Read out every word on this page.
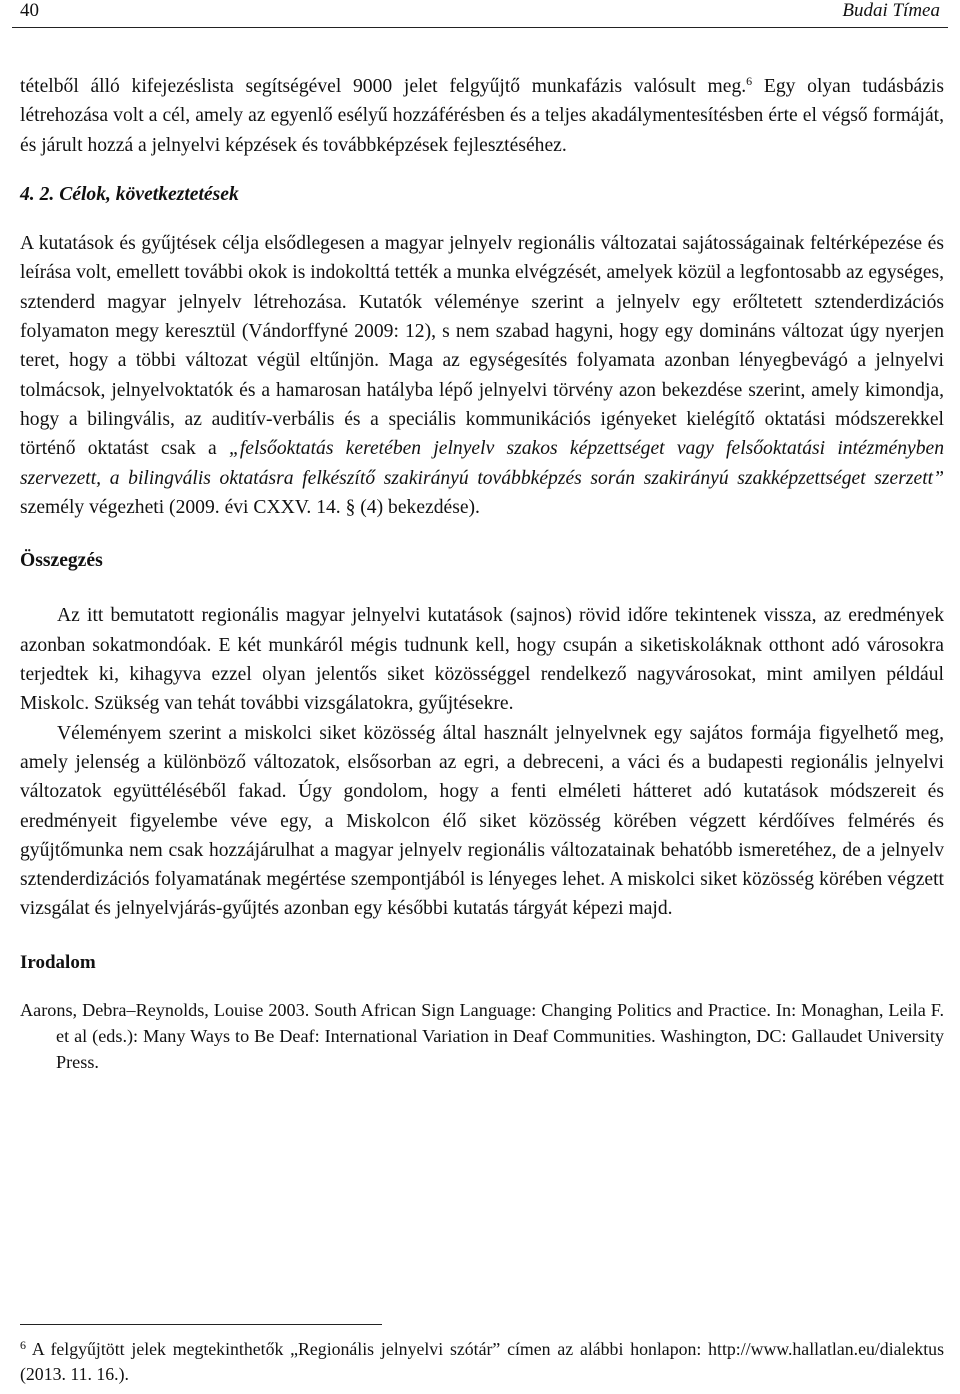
40	Budai Tímea

tételből álló kifejezéslista segítségével 9000 jelet felgyűjtő munkafázis valósult meg.$^6$ Egy olyan tudásbázis létrehozása volt a cél, amely az egyenlő esélyű hozzáférésben és a teljes akadálymentesítésben érte el végső formáját, és járult hozzá a jelnyelvi képzések és továbbképzések fejlesztéséhez.

4. 2. Célok, következtetések

A kutatások és gyűjtések célja elsődlegesen a magyar jelnyelv regionális változatai sajátosságainak feltérképezése és leírása volt, emellett további okok is indokolttá tették a munka elvégzését, amelyek közül a legfontosabb az egységes, sztenderd magyar jelnyelv létrehozása. Kutatók véleménye szerint a jelnyelv egy erőltetett sztenderdizációs folyamaton megy keresztül (Vándorffyné 2009: 12), s nem szabad hagyni, hogy egy domináns változat úgy nyerjen teret, hogy a többi változat végül eltűnjön. Maga az egységesítés folyamata azonban lényegbevágó a jelnyelvi tolmácsok, jelnyelvoktatók és a hamarosan hatályba lépő jelnyelvi törvény azon bekezdése szerint, amely kimondja, hogy a bilingvális, az auditív-verbális és a speciális kommunikációs igényeket kielégítő oktatási módszerekkel történő oktatást csak a „felsőoktatás keretében jelnyelv szakos képzettséget vagy felsőoktatási intézményben szervezett, a bilingvális oktatásra felkészítő szakirányú továbbképzés során szakirányú szakképzettséget szerzett” személy végezheti (2009. évi CXXV. 14. § (4) bekezdése).

Összegzés

Az itt bemutatott regionális magyar jelnyelvi kutatások (sajnos) rövid időre tekintenek vissza, az eredmények azonban sokatmondóak. E két munkáról mégis tudnunk kell, hogy csupán a siketiskoláknak otthont adó városokra terjedtek ki, kihagyva ezzel olyan jelentős siket közösséggel rendelkező nagyvárosokat, mint amilyen például Miskolc. Szükség van tehát további vizsgálatokra, gyűjtésekre.

Véleményem szerint a miskolci siket közösség által használt jelnyelvnek egy sajátos formája figyelhető meg, amely jelenség a különböző változatok, elsősorban az egri, a debreceni, a váci és a budapesti regionális jelnyelvi változatok együttéléséből fakad. Úgy gondolom, hogy a fenti elméleti hátteret adó kutatások módszereit és eredményeit figyelembe véve egy, a Miskolcon élő siket közösség körében végzett kérdőíves felmérés és gyűjtőmunka nem csak hozzájárulhat a magyar jelnyelv regionális változatainak behatóbb ismeretéhez, de a jelnyelv sztenderdizációs folyamatának megértése szempontjából is lényeges lehet. A miskolci siket közösség körében végzett vizsgálat és jelnyelvjárás-gyűjtés azonban egy későbbi kutatás tárgyát képezi majd.

Irodalom
Aarons, Debra–Reynolds, Louise 2003. South African Sign Language: Changing Politics and Practice. In: Monaghan, Leila F. et al (eds.): Many Ways to Be Deaf: International Variation in Deaf Communities. Washington, DC: Gallaudet University Press.
$^6$ A felgyűjtött jelek megtekinthetők „Regionális jelnyelvi szótár” címen az alábbi honlapon: http://www.hallatlan.eu/dialektus (2013. 11. 16.).
